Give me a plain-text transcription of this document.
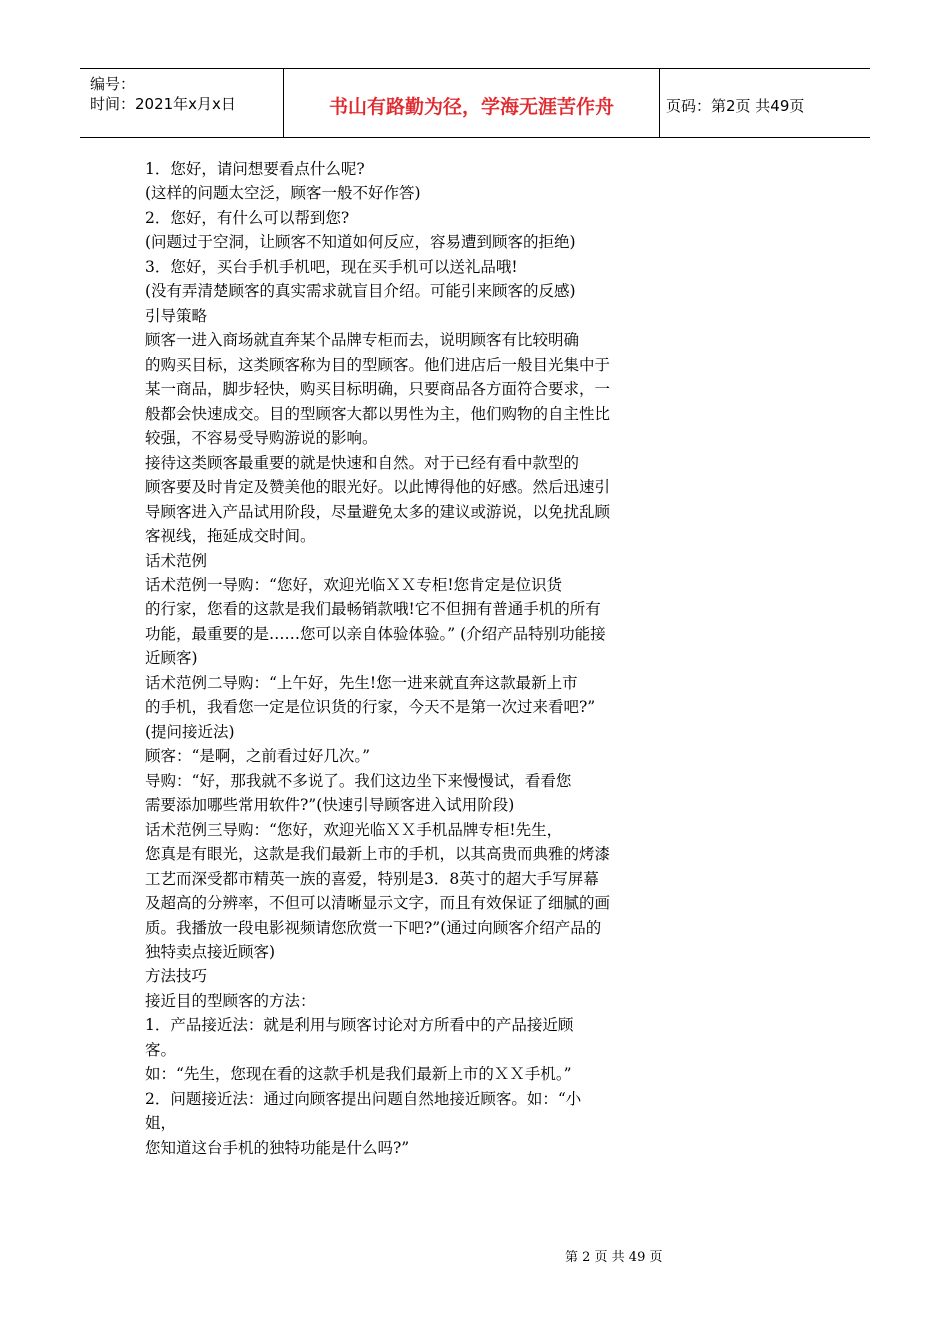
编号：
时间：2021年x月x日	书山有路勤为径，学海无涯苦作舟	页码：第2页 共49页

1．您好，请问想要看点什么呢?

(这样的问题太空泛，顾客一般不好作答)

2．您好，有什么可以帮到您?

(问题过于空洞，让顾客不知道如何反应，容易遭到顾客的拒绝)

3．您好，买台手机手机吧，现在买手机可以送礼品哦!

(没有弄清楚顾客的真实需求就盲目介绍。可能引来顾客的反感)

引导策略

顾客一进入商场就直奔某个品牌专柜而去，说明顾客有比较明确

的购买目标，这类顾客称为目的型顾客。他们进店后一般目光集中于

某一商品，脚步轻快，购买目标明确，只要商品各方面符合要求，一

般都会快速成交。目的型顾客大都以男性为主，他们购物的自主性比

较强，不容易受导购游说的影响。

接待这类顾客最重要的就是快速和自然。对于已经有看中款型的

顾客要及时肯定及赞美他的眼光好。以此博得他的好感。然后迅速引

导顾客进入产品试用阶段，尽量避免太多的建议或游说，以免扰乱顾

客视线，拖延成交时间。

话术范例

话术范例一导购：“您好，欢迎光临ＸＸ专柜!您肯定是位识货

的行家，您看的这款是我们最畅销款哦!它不但拥有普通手机的所有

功能，最重要的是……您可以亲自体验体验。” (介绍产品特别功能接

近顾客)

话术范例二导购：“上午好，先生!您一进来就直奔这款最新上市

的手机，我看您一定是位识货的行家，今天不是第一次过来看吧?”

(提问接近法)

顾客：“是啊，之前看过好几次。”

导购：“好，那我就不多说了。我们这边坐下来慢慢试，看看您

需要添加哪些常用软件?”(快速引导顾客进入试用阶段)

话术范例三导购：“您好，欢迎光临ＸＸ手机品牌专柜!先生，

您真是有眼光，这款是我们最新上市的手机，以其高贵而典雅的烤漆

工艺而深受都市精英一族的喜爱，特别是3．8英寸的超大手写屏幕

及超高的分辨率，不但可以清晰显示文字，而且有效保证了细腻的画

质。我播放一段电影视频请您欣赏一下吧?”(通过向顾客介绍产品的

独特卖点接近顾客)

方法技巧

接近目的型顾客的方法：

1．产品接近法：就是利用与顾客讨论对方所看中的产品接近顾

客。

如：“先生，您现在看的这款手机是我们最新上市的ＸＸ手机。”

2．问题接近法：通过向顾客提出问题自然地接近顾客。如：“小

姐，

您知道这台手机的独特功能是什么吗?”

第 2 页 共 49 页
